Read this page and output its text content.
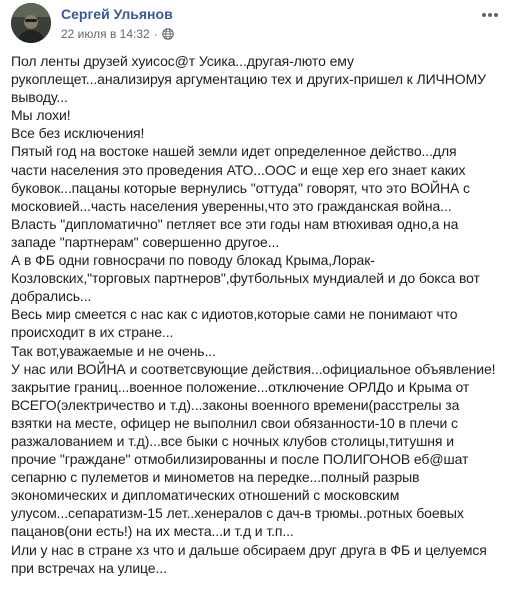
Сергей Ульянов
22 июля в 14:32 ·

Пол ленты друзей хуисос@т Усика...другая-лютo ему
рукоплещет...анализируя аргументацию тех и других-пришел к ЛИЧНОМУ
выводу...

Мы лохи!

Все без исключения!

Пятый год на востоке нашей земли идет определенное действо...для
части населения это проведения АТО...ООС и еще хер его знает каких
буковок...пацаны которые вернулись "оттуда" говорят, что это ВОЙНА с
московией...часть населения уверенны,что это гражданская война...

Власть "дипломатично" петляет все эти годы нам втюхивая одно,а на
западе "партнерам" совершенно другое...

А в ФБ одни говносрачи по поводу блокад Крыма,Лорак-
Козловских,"торговых партнеров",футбольных мундиалей и до бокса вот
добрались...

Весь мир смеется с нас как с идиотов,которые сами не понимают что
происходит в их стране...

Так вот,уважаемые и не очень...

У нас или ВОЙНА и соответсвующие действия...официальное объявление!
закрытие границ...военное положение...отключение ОРЛДо и Крыма от
ВСЕГО(электричество и т.д)...законы военного времени(расстрелы за
взятки на месте, офицер не выполнил свои обязанности-10 в плечи с
разжалованием и т.д)...все быки с ночных клубов столицы,титушня и
прочие "граждане" отмобилизированны и после ПОЛИГОНОВ еб@шат
сепарню с пулеметов и минометов на передке...полный разрыв
экономических и дипломатических отношений с московским
улусом...сепаратизм-15 лет..хенералов с дач-в трюмы..ротных боевых
пацанов(они есть!) на их места...и т.д и т.п...

Или у нас в стране хз что и дальше обсираем друг друга в ФБ и целуемся
при встречах на улице...
